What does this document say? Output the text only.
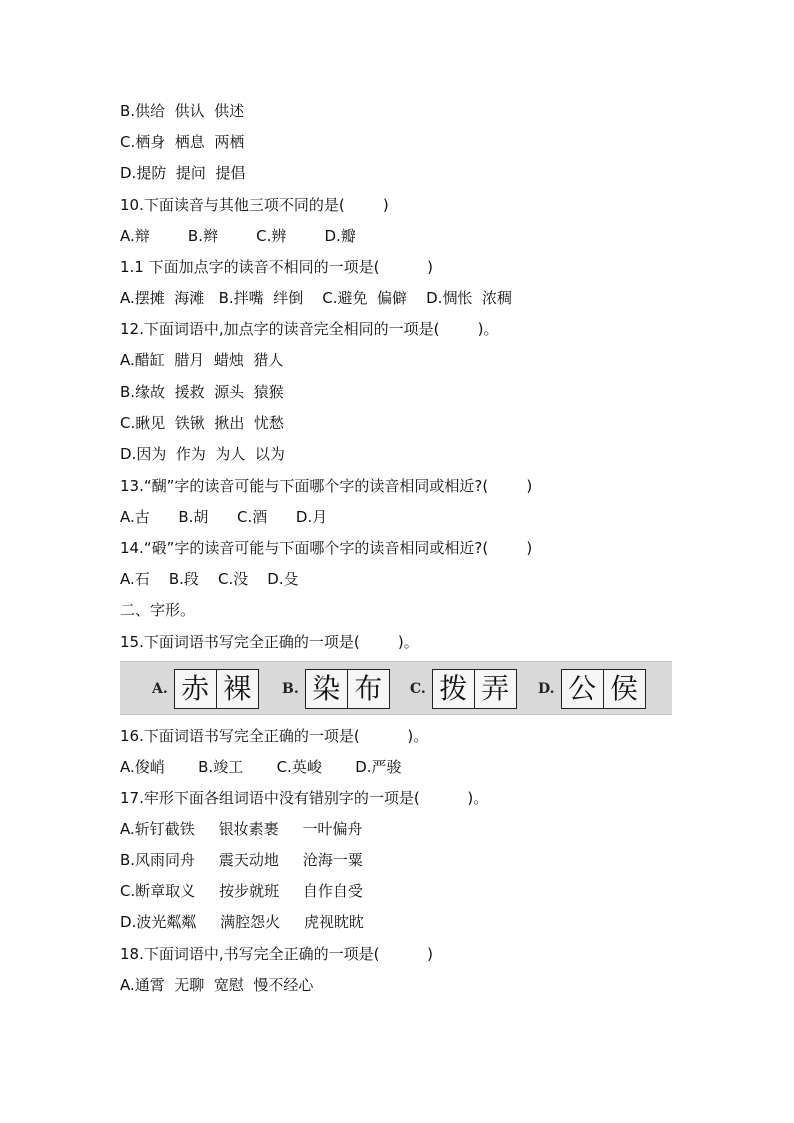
B.供给  供认  供述
C.栖身  栖息  两栖
D.提防  提问  提倡
10.下面读音与其他三项不同的是(        )
A.辩        B.辫        C.辨        D.瓣
1.1 下面加点字的读音不相同的一项是(          )
A.摆摊  海滩   B.拌嘴  绊倒    C.避免  偏僻    D.惆怅  浓稠
12.下面词语中,加点字的读音完全相同的一项是(        )。
A.醋缸  腊月  蜡烛  猎人
B.缘故  援救  源头  猿猴
C.瞅见  铁锹  揪出  忧愁
D.因为  作为  为人  以为
13.“醐”字的读音可能与下面哪个字的读音相同或相近?(        )
A.古      B.胡      C.酒      D.月
14.“碫”字的读音可能与下面哪个字的读音相同或相近?(        )
A.石    B.段    C.没    D.殳
二、字形。
15.下面词语书写完全正确的一项是(        )。
A. 赤 裸	B. 染 布	C. 拨 弄	D. 公 侯
16.下面词语书写完全正确的一项是(          )。
A.俊峭       B.竣工       C.英峻       D.严骏
17.牢形下面各组词语中没有错别字的一项是(          )。
A.斩钉截铁     银妆素裹     一叶偏舟
B.风雨同舟     震天动地     沧海一粟
C.断章取义     按步就班     自作自受
D.波光粼粼     满腔怨火     虎视眈眈
18.下面词语中,书写完全正确的一项是(          )
A.通霄  无聊  宽慰  慢不经心
